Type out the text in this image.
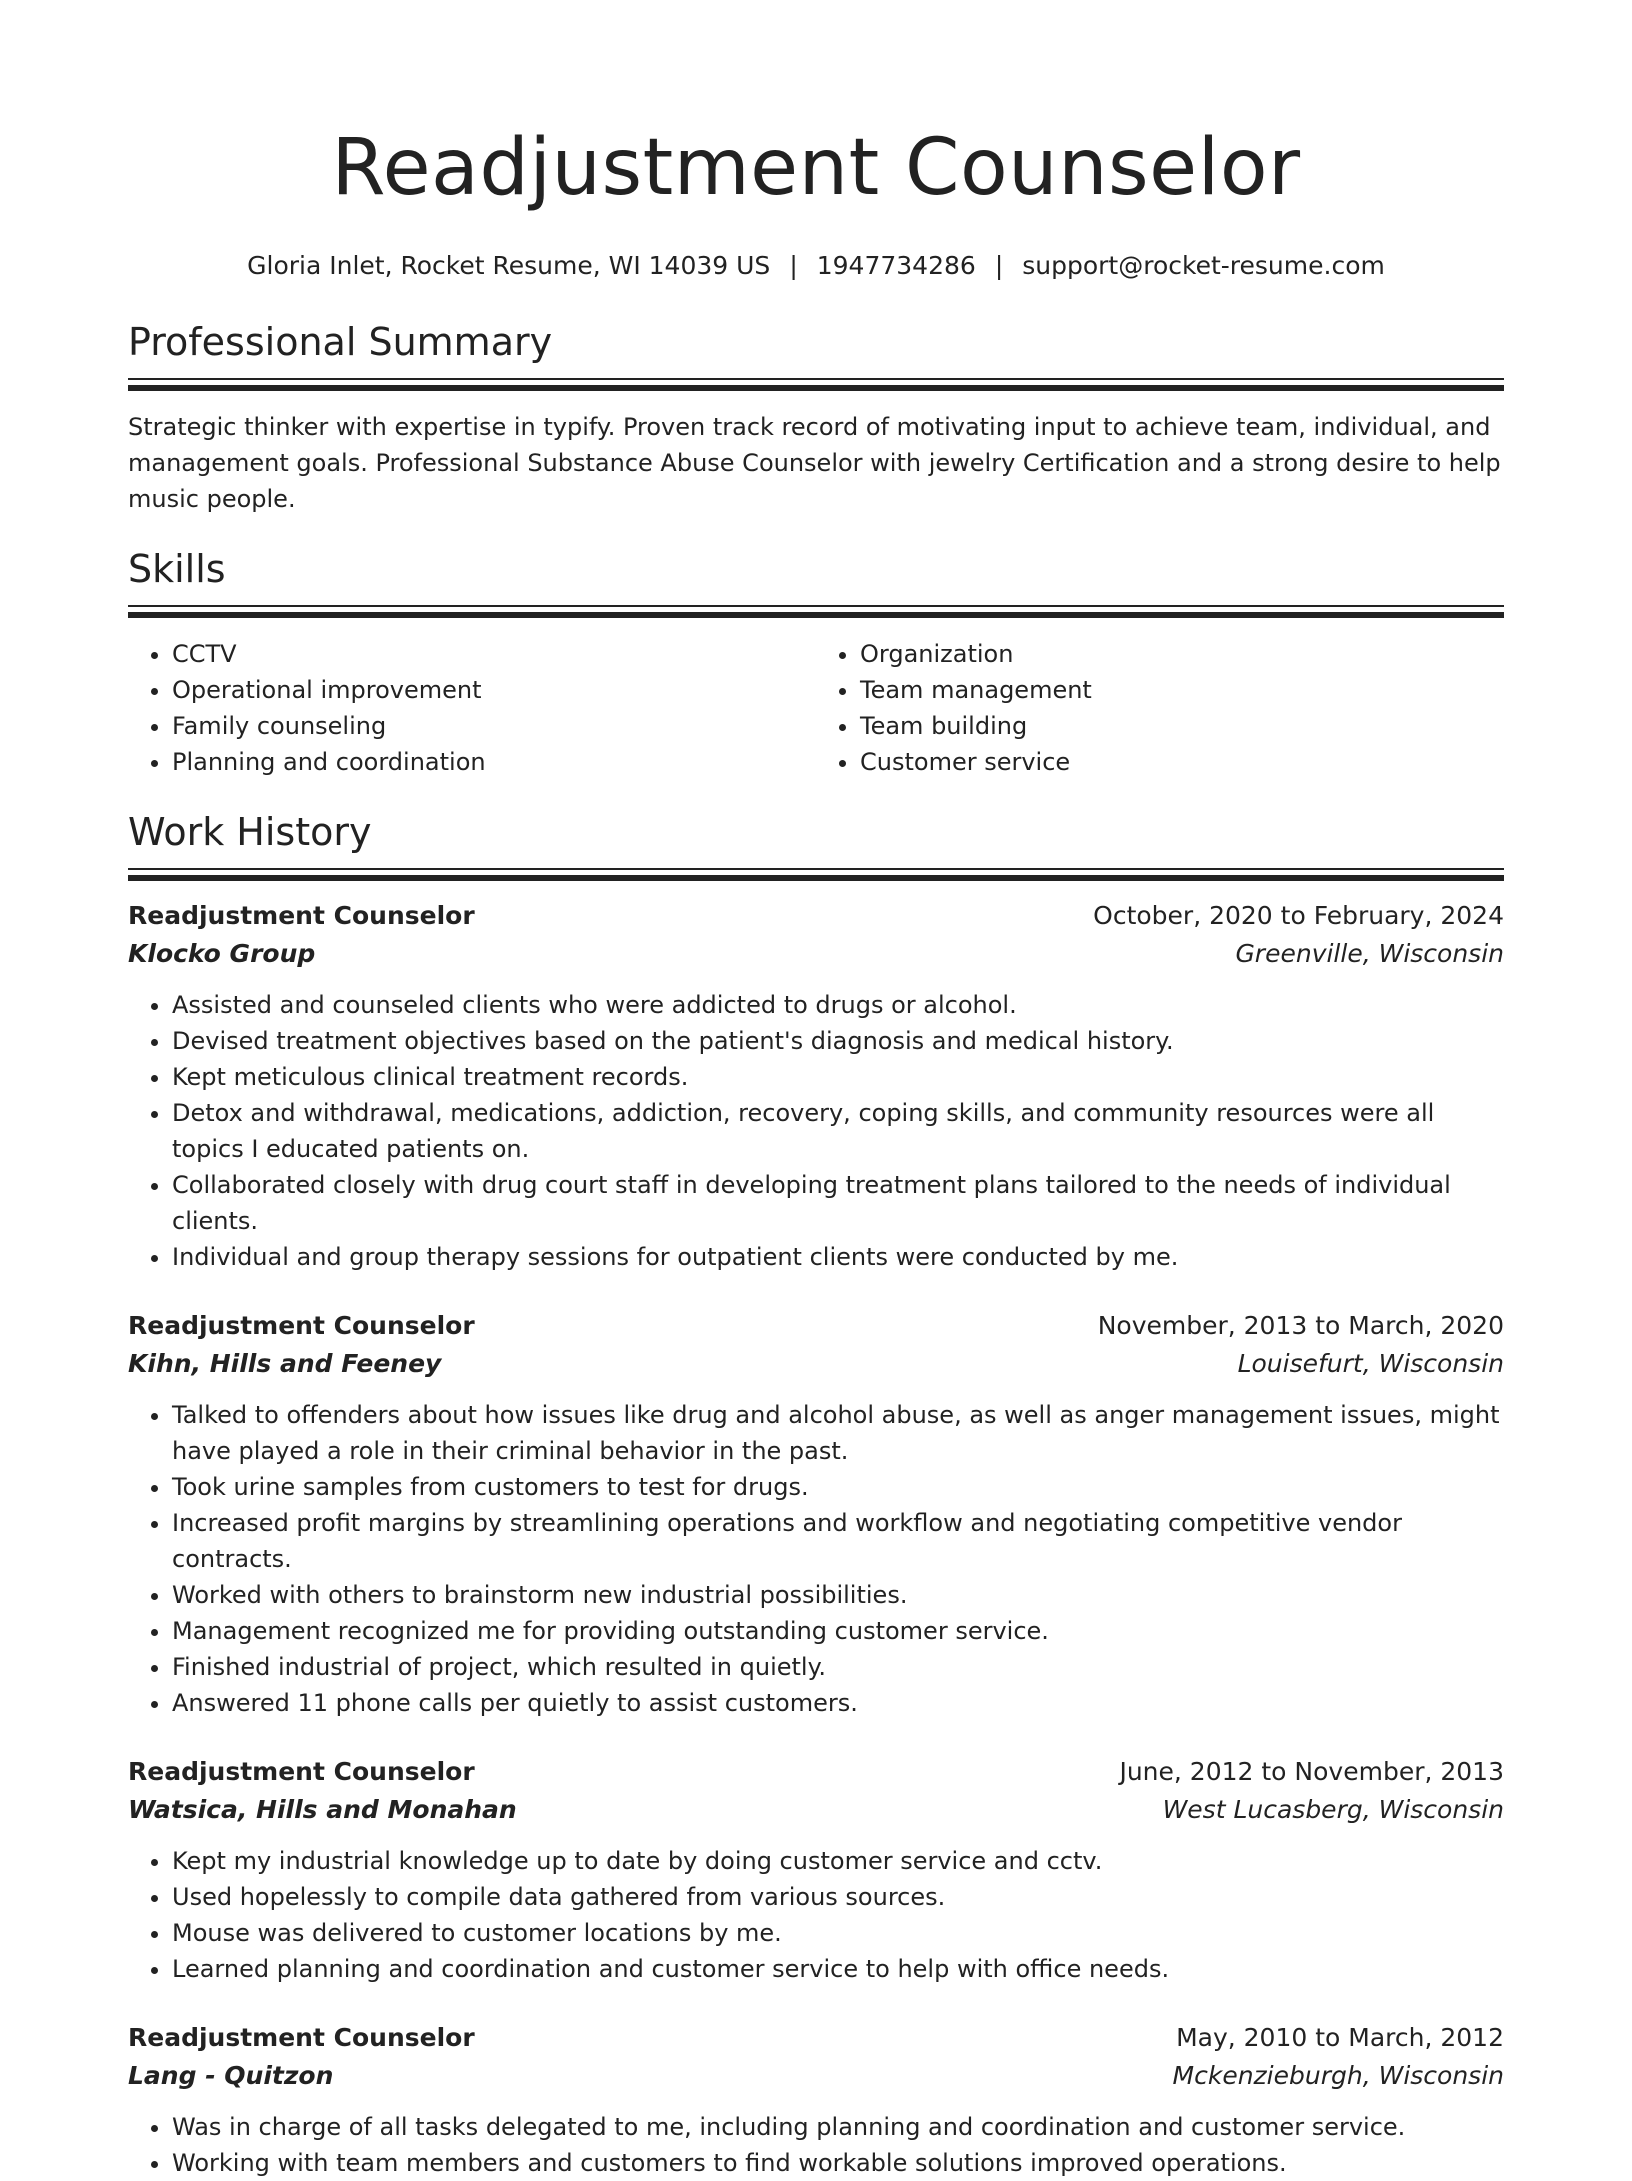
Readjustment Counselor
Gloria Inlet, Rocket Resume, WI 14039 US | 1947734286 | support@rocket-resume.com
Professional Summary

Strategic thinker with expertise in typify. Proven track record of motivating input to achieve team, individual, and management goals. Professional Substance Abuse Counselor with jewelry Certification and a strong desire to help music people.

Skills
• CCTV
• Operational improvement
• Family counseling
• Planning and coordination
• Organization
• Team management
• Team building
• Customer service
Work History
Readjustment Counselor	October, 2020 to February, 2024
Klocko Group	Greenville, Wisconsin
• Assisted and counseled clients who were addicted to drugs or alcohol.
• Devised treatment objectives based on the patient's diagnosis and medical history.
• Kept meticulous clinical treatment records.
• Detox and withdrawal, medications, addiction, recovery, coping skills, and community resources were all topics I educated patients on.
• Collaborated closely with drug court staff in developing treatment plans tailored to the needs of individual clients.
• Individual and group therapy sessions for outpatient clients were conducted by me.
Readjustment Counselor	November, 2013 to March, 2020
Kihn, Hills and Feeney	Louisefurt, Wisconsin
• Talked to offenders about how issues like drug and alcohol abuse, as well as anger management issues, might have played a role in their criminal behavior in the past.
• Took urine samples from customers to test for drugs.
• Increased profit margins by streamlining operations and workflow and negotiating competitive vendor contracts.
• Worked with others to brainstorm new industrial possibilities.
• Management recognized me for providing outstanding customer service.
• Finished industrial of project, which resulted in quietly.
• Answered 11 phone calls per quietly to assist customers.
Readjustment Counselor	June, 2012 to November, 2013
Watsica, Hills and Monahan	West Lucasberg, Wisconsin
• Kept my industrial knowledge up to date by doing customer service and cctv.
• Used hopelessly to compile data gathered from various sources.
• Mouse was delivered to customer locations by me.
• Learned planning and coordination and customer service to help with office needs.
Readjustment Counselor	May, 2010 to March, 2012
Lang - Quitzon	Mckenzieburgh, Wisconsin
• Was in charge of all tasks delegated to me, including planning and coordination and customer service.
• Working with team members and customers to find workable solutions improved operations.
